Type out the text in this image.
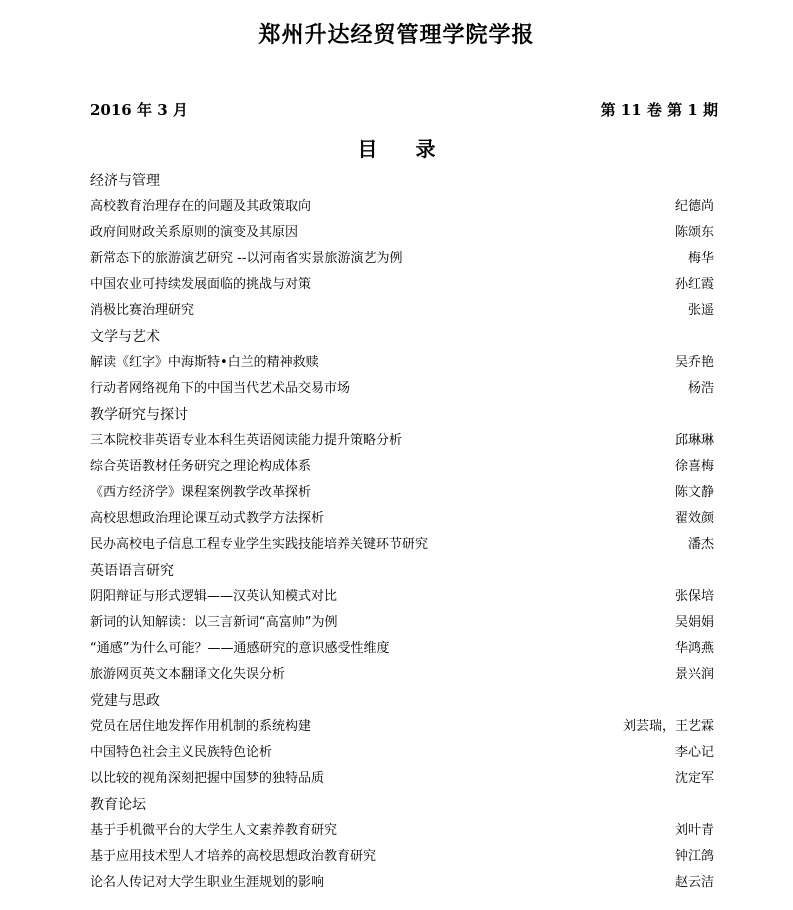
郑州升达经贸管理学院学报
2016 年 3 月	第 11 卷 第 1 期
目录
经济与管理
高校教育治理存在的问题及其政策取向	纪德尚
政府间财政关系原则的演变及其原因	陈颂东
新常态下的旅游演艺研究 --以河南省实景旅游演艺为例	梅华
中国农业可持续发展面临的挑战与对策	孙红霞
消极比赛治理研究	张遥
文学与艺术
解读《红字》中海斯特•白兰的精神救赎	吴乔艳
行动者网络视角下的中国当代艺术品交易市场	杨浩
教学研究与探讨
三本院校非英语专业本科生英语阅读能力提升策略分析	邱琳琳
综合英语教材任务研究之理论构成体系	徐喜梅
《西方经济学》课程案例教学改革探析	陈文静
高校思想政治理论课互动式教学方法探析	翟效颜
民办高校电子信息工程专业学生实践技能培养关键环节研究	潘杰
英语语言研究
阴阳辩证与形式逻辑——汉英认知模式对比	张保培
新词的认知解读：以三言新词“高富帅”为例	吴娟娟
“通感”为什么可能？——通感研究的意识感受性维度	华鸿燕
旅游网页英文本翻译文化失误分析	景兴润
党建与思政
党员在居住地发挥作用机制的系统构建	刘芸瑞，王艺霖
中国特色社会主义民族特色论析	李心记
以比较的视角深刻把握中国梦的独特品质	沈定军
教育论坛
基于手机微平台的大学生人文素养教育研究	刘叶青
基于应用技术型人才培养的高校思想政治教育研究	钟江鸽
论名人传记对大学生职业生涯规划的影响	赵云洁
